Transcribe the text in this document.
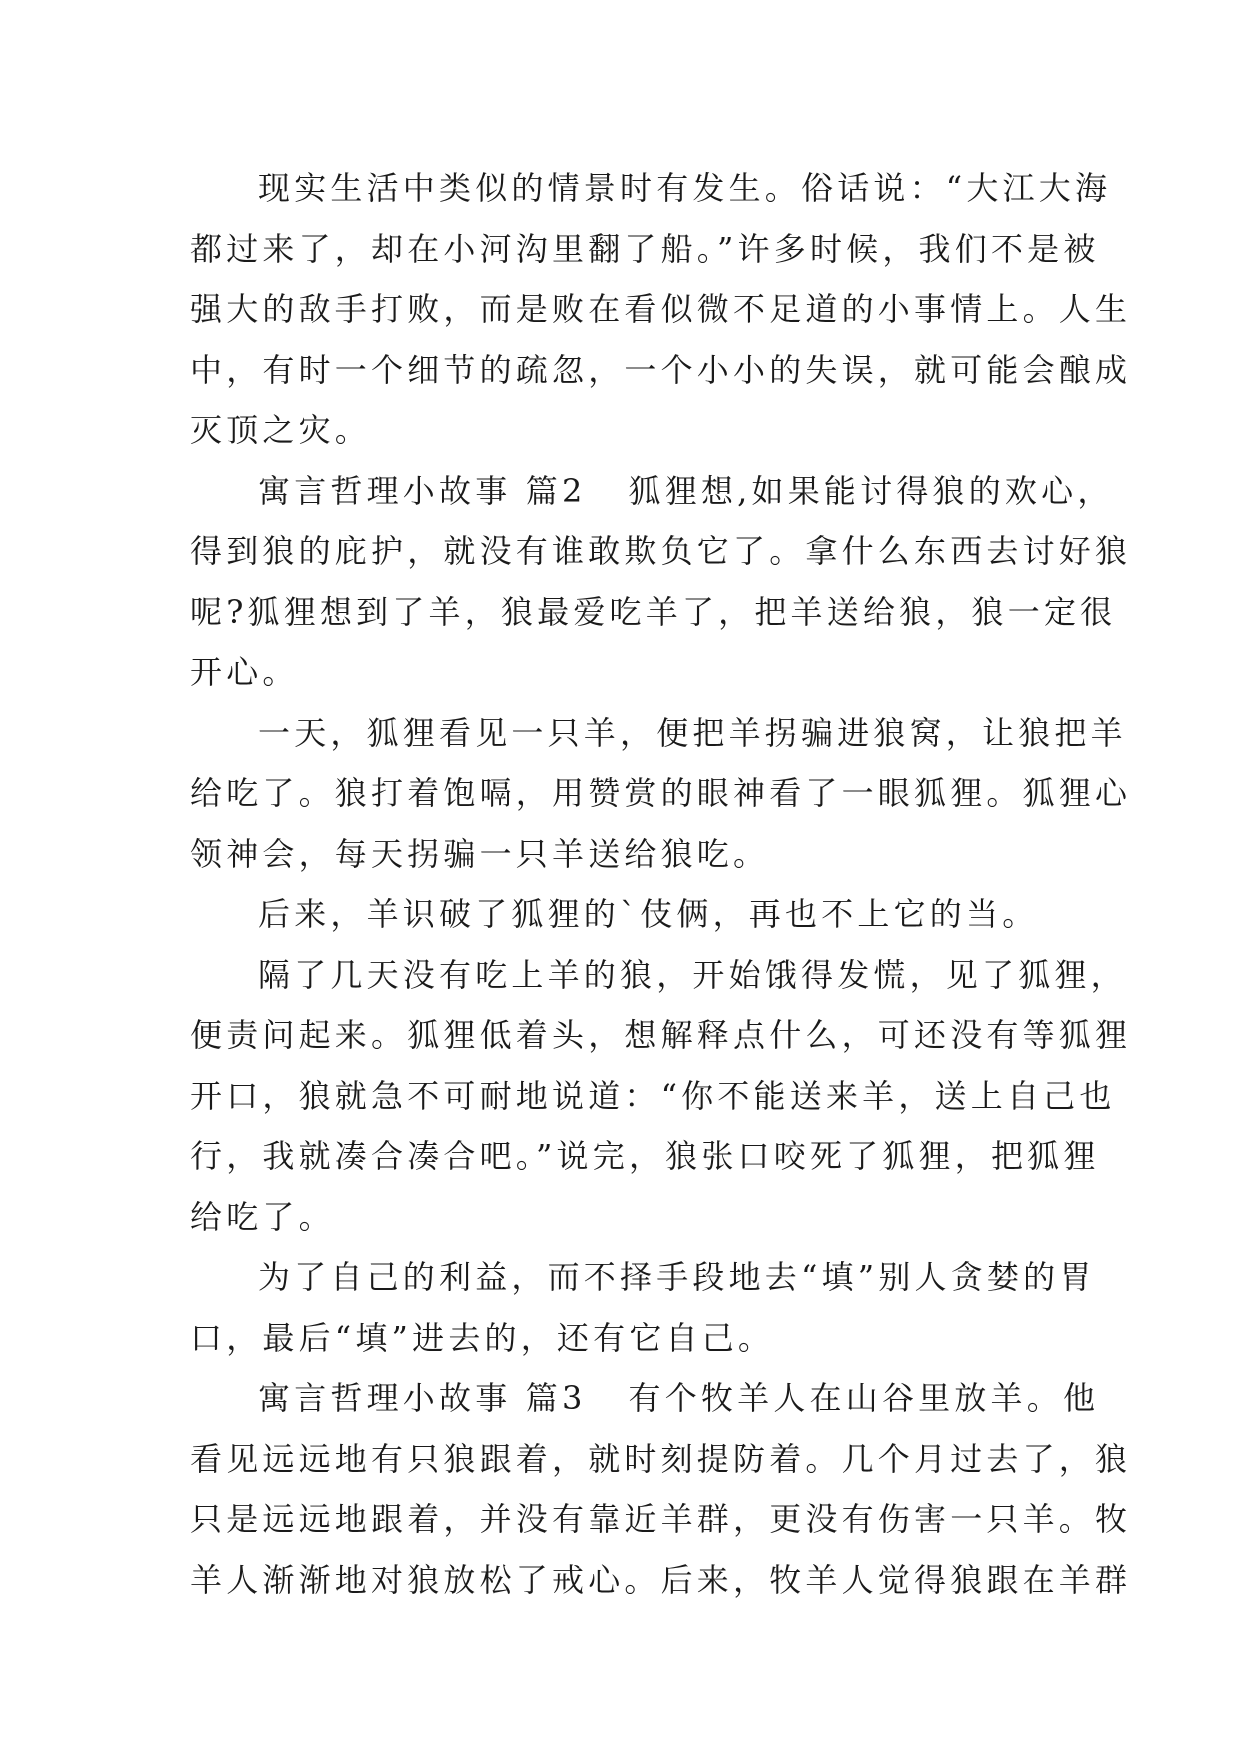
现实生活中类似的情景时有发生。俗话说：“大江大海
都过来了，却在小河沟里翻了船。”许多时候，我们不是被
强大的敌手打败，而是败在看似微不足道的小事情上。人生
中，有时一个细节的疏忽，一个小小的失误，就可能会酿成
灭顶之灾。
寓言哲理小故事 篇2 狐狸想,如果能讨得狼的欢心，
得到狼的庇护，就没有谁敢欺负它了。拿什么东西去讨好狼
呢?狐狸想到了羊，狼最爱吃羊了，把羊送给狼，狼一定很
开心。
一天，狐狸看见一只羊，便把羊拐骗进狼窝，让狼把羊
给吃了。狼打着饱嗝，用赞赏的眼神看了一眼狐狸。狐狸心
领神会，每天拐骗一只羊送给狼吃。
后来，羊识破了狐狸的`伎俩，再也不上它的当。
隔了几天没有吃上羊的狼，开始饿得发慌，见了狐狸，
便责问起来。狐狸低着头，想解释点什么，可还没有等狐狸
开口，狼就急不可耐地说道：“你不能送来羊，送上自己也
行，我就凑合凑合吧。”说完，狼张口咬死了狐狸，把狐狸
给吃了。
为了自己的利益，而不择手段地去“填”别人贪婪的胃
口，最后“填”进去的，还有它自己。
寓言哲理小故事 篇3 有个牧羊人在山谷里放羊。他
看见远远地有只狼跟着，就时刻提防着。几个月过去了，狼
只是远远地跟着，并没有靠近羊群，更没有伤害一只羊。牧
羊人渐渐地对狼放松了戒心。后来，牧羊人觉得狼跟在羊群
